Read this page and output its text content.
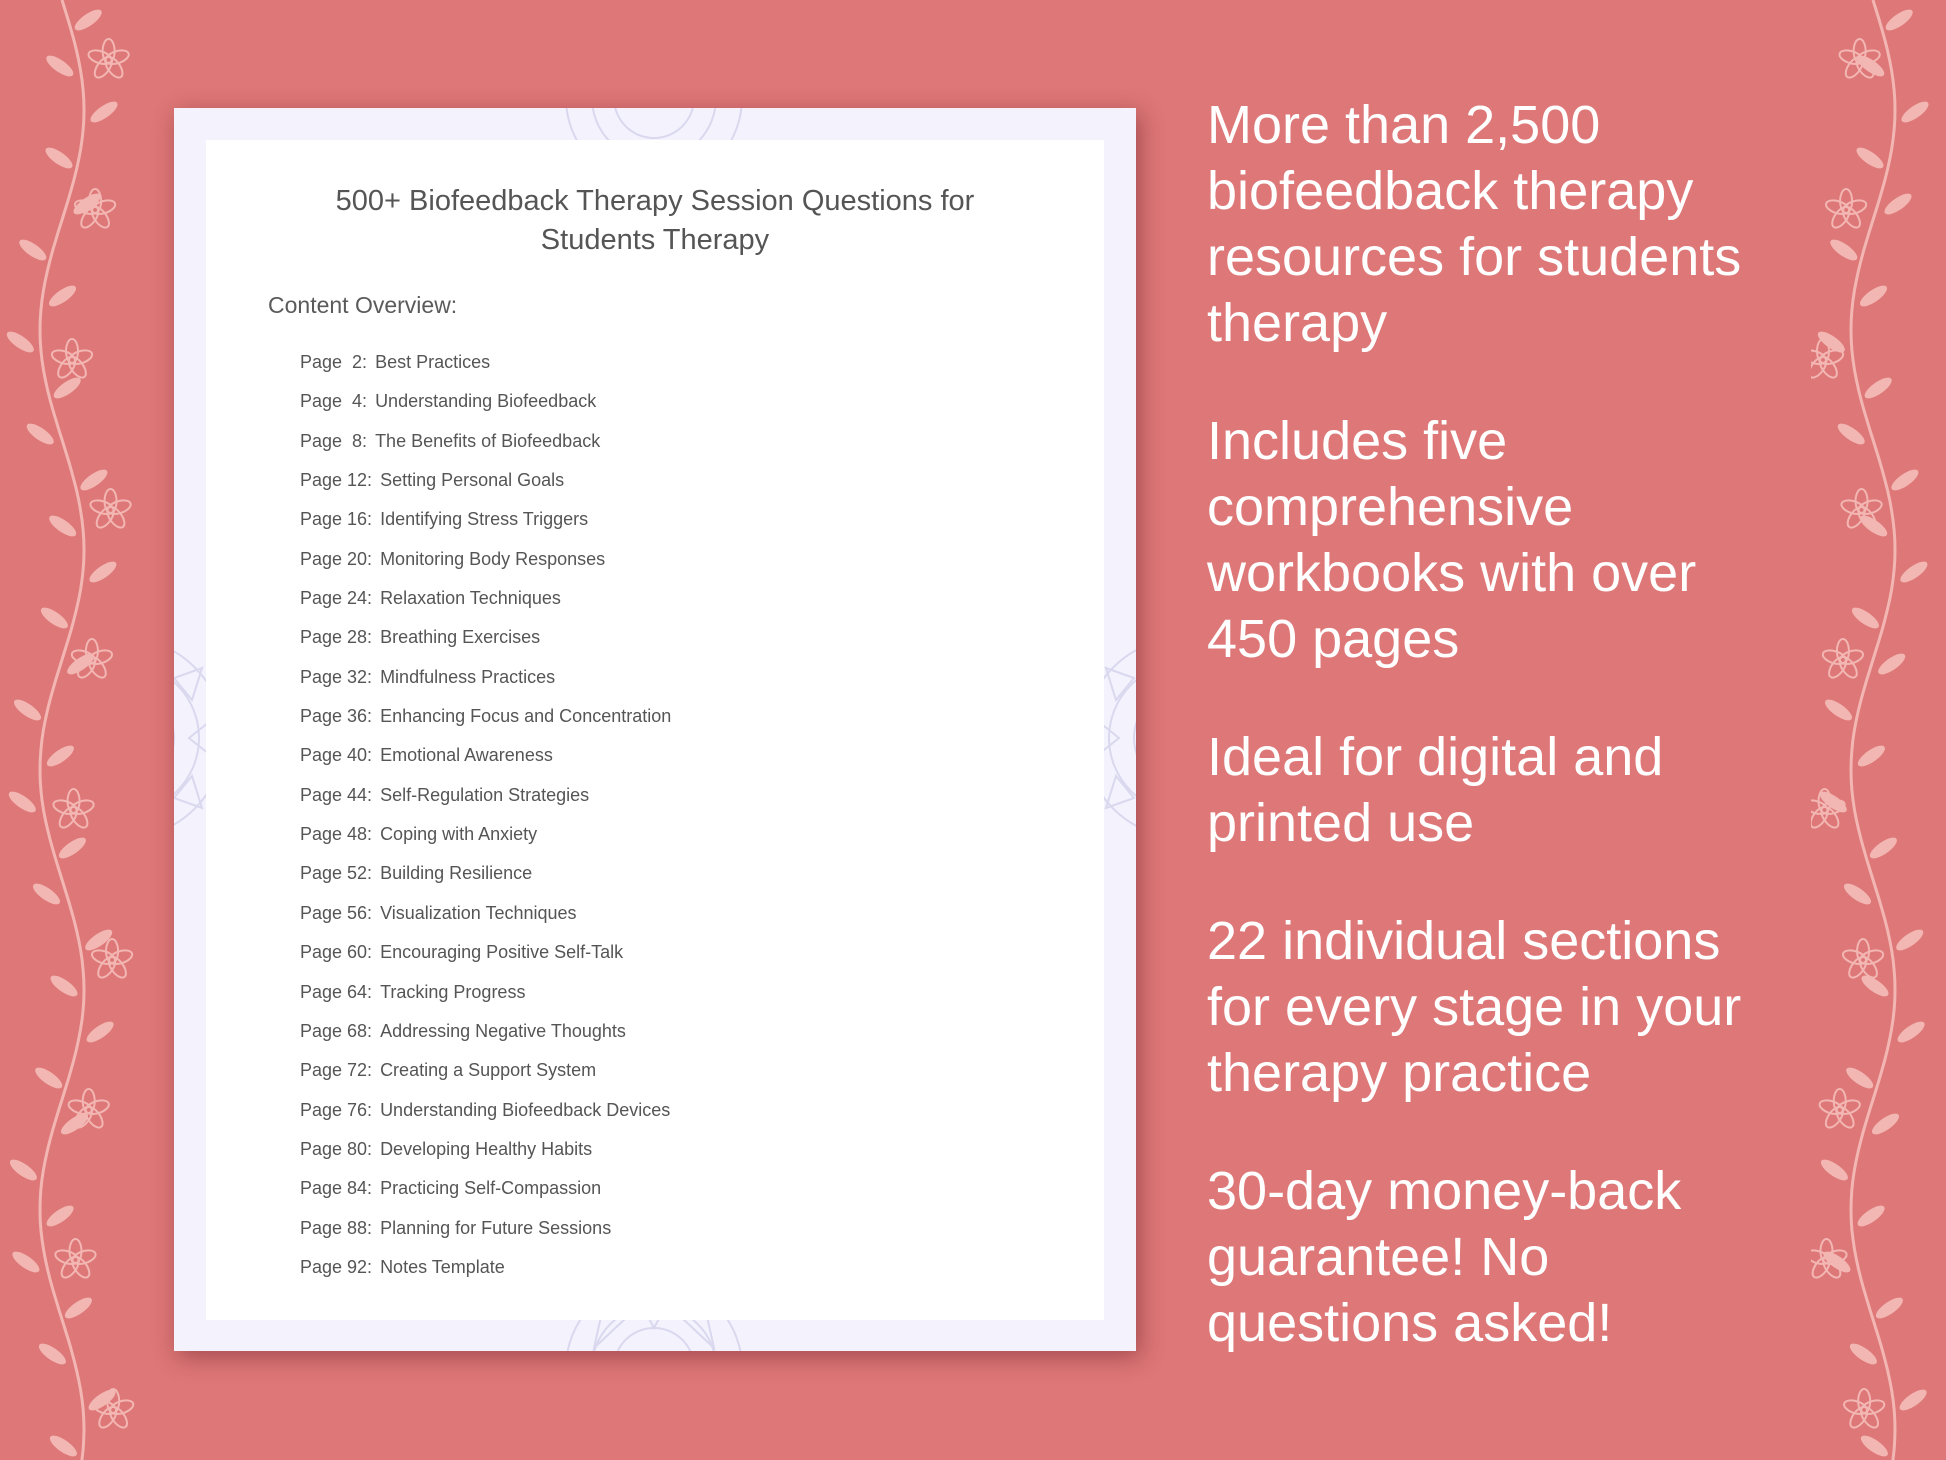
500+ Biofeedback Therapy Session Questions for
Students Therapy
Content Overview:
Page  2: Best Practices
Page  4: Understanding Biofeedback
Page  8: The Benefits of Biofeedback
Page 12: Setting Personal Goals
Page 16: Identifying Stress Triggers
Page 20: Monitoring Body Responses
Page 24: Relaxation Techniques
Page 28: Breathing Exercises
Page 32: Mindfulness Practices
Page 36: Enhancing Focus and Concentration
Page 40: Emotional Awareness
Page 44: Self-Regulation Strategies
Page 48: Coping with Anxiety
Page 52: Building Resilience
Page 56: Visualization Techniques
Page 60: Encouraging Positive Self-Talk
Page 64: Tracking Progress
Page 68: Addressing Negative Thoughts
Page 72: Creating a Support System
Page 76: Understanding Biofeedback Devices
Page 80: Developing Healthy Habits
Page 84: Practicing Self-Compassion
Page 88: Planning for Future Sessions
Page 92: Notes Template
More than 2,500
biofeedback therapy
resources for students
therapy
Includes five
comprehensive
workbooks with over
450 pages
Ideal for digital and
printed use
22 individual sections
for every stage in your
therapy practice
30-day money-back
guarantee! No
questions asked!
